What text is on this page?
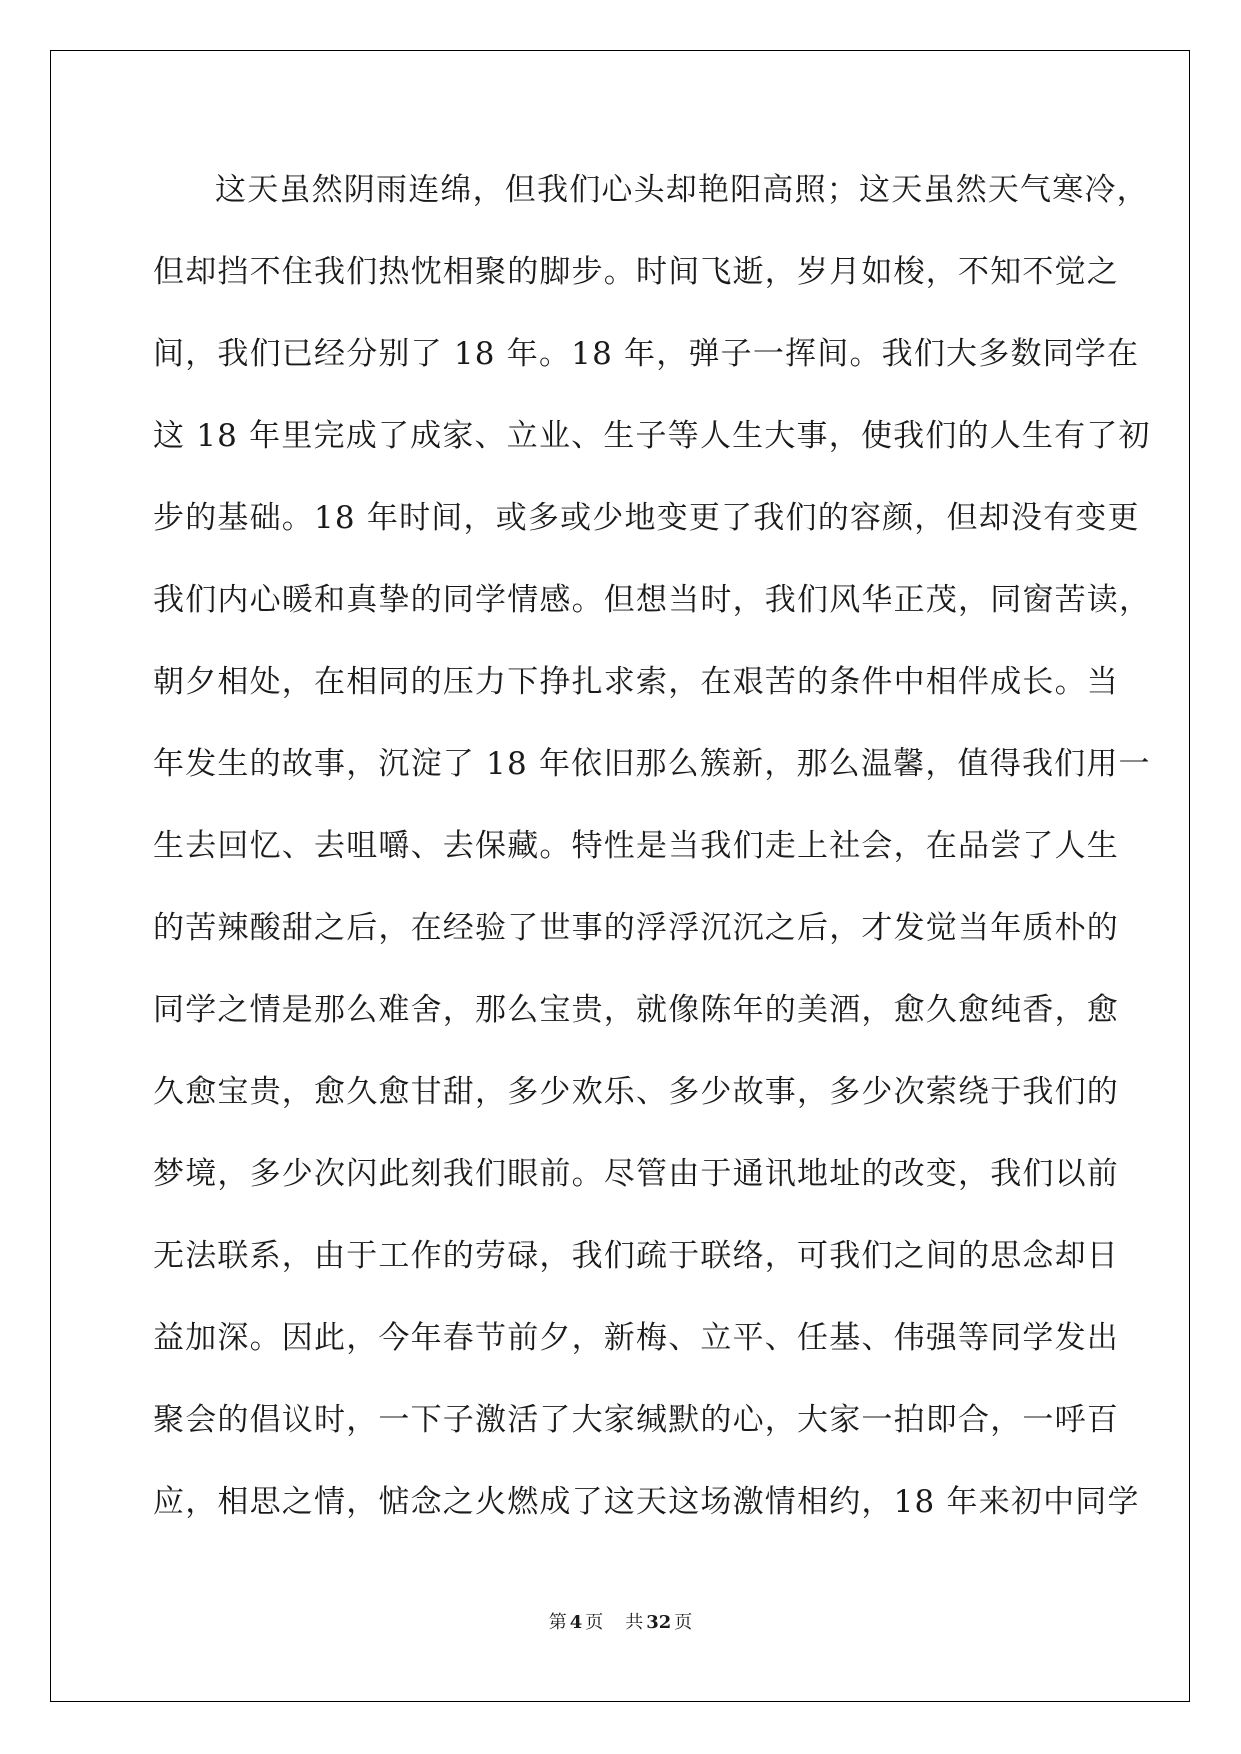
这天虽然阴雨连绵，但我们心头却艳阳高照；这天虽然天气寒冷，
但却挡不住我们热忱相聚的脚步。时间飞逝，岁月如梭，不知不觉之
间，我们已经分别了 18 年。18 年，弹子一挥间。我们大多数同学在
这 18 年里完成了成家、立业、生子等人生大事，使我们的人生有了初
步的基础。18 年时间，或多或少地变更了我们的容颜，但却没有变更
我们内心暖和真挚的同学情感。但想当时，我们风华正茂，同窗苦读，
朝夕相处，在相同的压力下挣扎求索，在艰苦的条件中相伴成长。当
年发生的故事，沉淀了 18 年依旧那么簇新，那么温馨，值得我们用一
生去回忆、去咀嚼、去保藏。特性是当我们走上社会，在品尝了人生
的苦辣酸甜之后，在经验了世事的浮浮沉沉之后，才发觉当年质朴的
同学之情是那么难舍，那么宝贵，就像陈年的美酒，愈久愈纯香，愈
久愈宝贵，愈久愈甘甜，多少欢乐、多少故事，多少次萦绕于我们的
梦境，多少次闪此刻我们眼前。尽管由于通讯地址的改变，我们以前
无法联系，由于工作的劳碌，我们疏于联络，可我们之间的思念却日
益加深。因此，今年春节前夕，新梅、立平、任基、伟强等同学发出
聚会的倡议时，一下子激活了大家缄默的心，大家一拍即合，一呼百
应，相思之情，惦念之火燃成了这天这场激情相约，18 年来初中同学
第 4 页 共 32 页
